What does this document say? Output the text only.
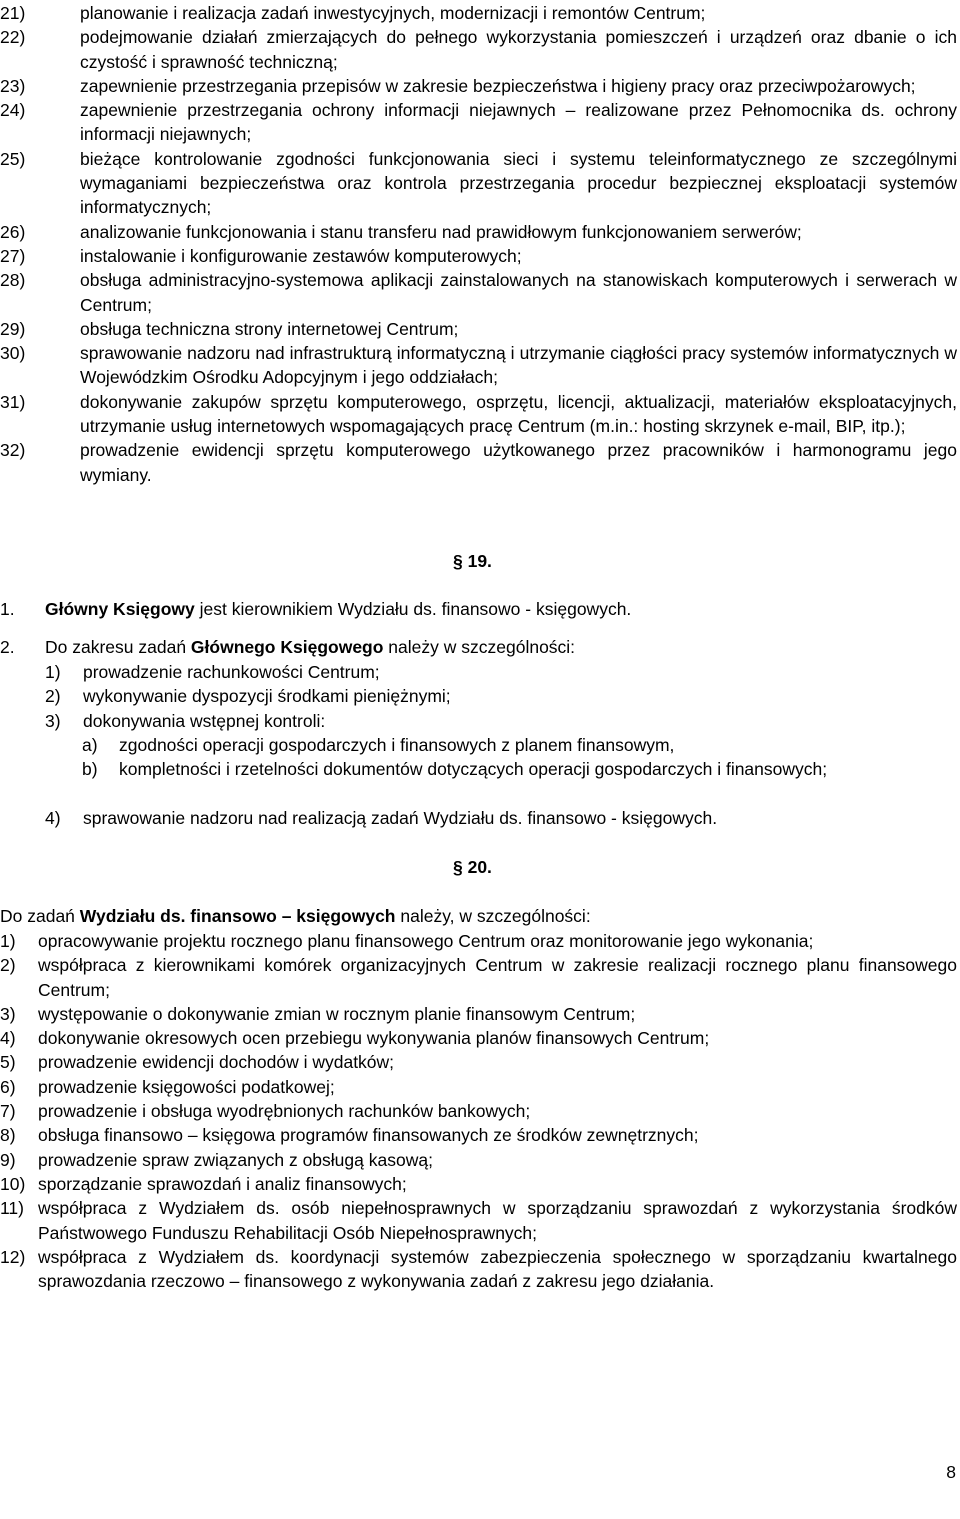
21)	planowanie i realizacja zadań inwestycyjnych, modernizacji i remontów Centrum;
22)	podejmowanie działań zmierzających do pełnego wykorzystania pomieszczeń i urządzeń oraz dbanie o ich czystość i sprawność techniczną;
23)	zapewnienie przestrzegania przepisów w zakresie bezpieczeństwa i higieny pracy oraz przeciwpożarowych;
24)	zapewnienie przestrzegania ochrony informacji niejawnych – realizowane przez Pełnomocnika ds. ochrony informacji niejawnych;
25)	bieżące kontrolowanie zgodności funkcjonowania sieci i systemu teleinformatycznego ze szczególnymi wymaganiami bezpieczeństwa oraz kontrola przestrzegania procedur bezpiecznej eksploatacji systemów informatycznych;
26)	analizowanie funkcjonowania i stanu transferu nad prawidłowym funkcjonowaniem serwerów;
27)	instalowanie i konfigurowanie zestawów komputerowych;
28)	obsługa administracyjno-systemowa aplikacji zainstalowanych na stanowiskach komputerowych i serwerach w Centrum;
29)	obsługa techniczna strony internetowej Centrum;
30)	sprawowanie nadzoru nad infrastrukturą informatyczną i utrzymanie ciągłości pracy systemów informatycznych w Wojewódzkim Ośrodku Adopcyjnym i jego oddziałach;
31)	dokonywanie zakupów sprzętu komputerowego, osprzętu, licencji, aktualizacji, materiałów eksploatacyjnych, utrzymanie usług internetowych wspomagających pracę Centrum (m.in.: hosting skrzynek e-mail, BIP, itp.);
32)	prowadzenie ewidencji sprzętu komputerowego użytkowanego przez pracowników i harmonogramu jego wymiany.
§ 19.
1. Główny Księgowy jest kierownikiem Wydziału ds. finansowo - księgowych.
2. Do zakresu zadań Głównego Księgowego należy w szczególności:
1)	prowadzenie rachunkowości Centrum;
2)	wykonywanie dyspozycji środkami pieniężnymi;
3)	dokonywania wstępnej kontroli:
a)	zgodności operacji gospodarczych i finansowych z planem finansowym,
b)	kompletności i rzetelności dokumentów dotyczących operacji gospodarczych i finansowych;
4)	sprawowanie nadzoru nad realizacją zadań Wydziału ds. finansowo - księgowych.
§ 20.
Do zadań Wydziału ds. finansowo – księgowych należy, w szczególności:
1)	opracowywanie projektu rocznego planu finansowego Centrum oraz monitorowanie jego wykonania;
2)	współpraca z kierownikami komórek organizacyjnych Centrum w zakresie realizacji rocznego planu finansowego Centrum;
3)	występowanie o dokonywanie zmian w rocznym planie finansowym Centrum;
4)	dokonywanie okresowych ocen przebiegu wykonywania planów finansowych Centrum;
5)	prowadzenie ewidencji dochodów i wydatków;
6)	prowadzenie księgowości podatkowej;
7)	prowadzenie i obsługa wyodrębnionych rachunków bankowych;
8)	obsługa finansowo – księgowa programów finansowanych ze środków zewnętrznych;
9)	prowadzenie spraw związanych z obsługą kasową;
10) sporządzanie sprawozdań i analiz finansowych;
11) współpraca z Wydziałem ds. osób niepełnosprawnych w sporządzaniu sprawozdań z wykorzystania środków Państwowego Funduszu Rehabilitacji Osób Niepełnosprawnych;
12) współpraca z Wydziałem ds. koordynacji systemów zabezpieczenia społecznego w sporządzaniu kwartalnego sprawozdania rzeczowo – finansowego z wykonywania zadań z zakresu jego działania.
8
